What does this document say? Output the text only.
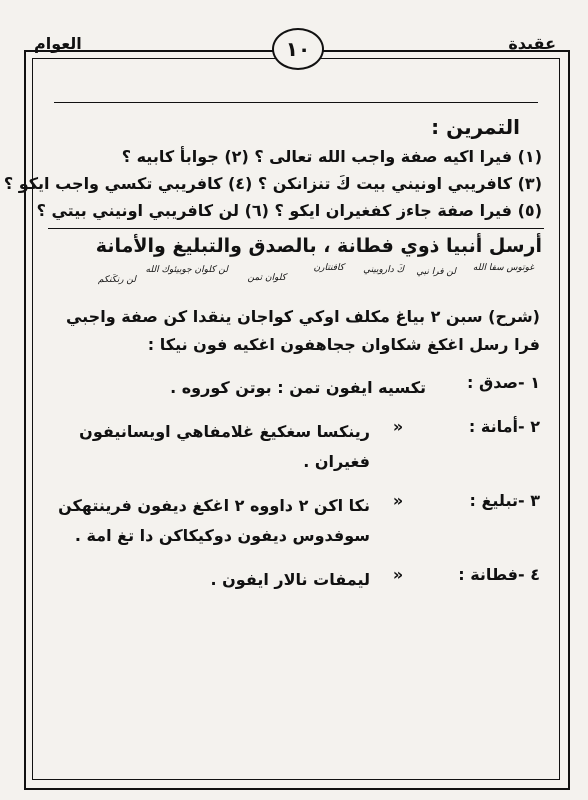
عقيدة
العوام	١٠
التمرين :
(١) فيرا اكيه صفة واجب الله تعالى ؟ (٢) جوابأ كابيه ؟
(٣) كافريبي اونيني بيت كَ تنزانكن ؟ (٤) كافريبي تكسي واجب ايكو ؟
(٥) فيرا صفة جاءز كفغيران ايكو ؟ (٦) لن كافريبي اونيني بيتي ؟
أرسل أنبيا ذوي فطانة ، بالصدق والتبليغ والأمانة
غوتوس سفا الله
لن فرا نبي
كَ داروبيني
كافنتارن
كلوان تمن
لن كلوان جوبيئوك الله
لن رنكَنكم
(شرح) سبن ٢ بياغ مكلف اوكي كواجان ينقدا كن صفة واجبي فرا رسل اغكغ شكاوان ججاهفون اغكيه فون نيكا :
١ -
صدق :
تكسيه ايفون تمن : بوتن كوروه .
٢ -
أمانة :
«
رينكسا سغكيغ غلامفاهي اويسانيفون فغيران .
٣ -
تبليغ :
«
نكا اكن ٢ داووه ٢ اغكغ ديفون فرينتهكن سوفدوس ديفون دوكيكاكن دا تغ امة .
٤ -
فطانة :
«
ليمفات نالار ايفون .
